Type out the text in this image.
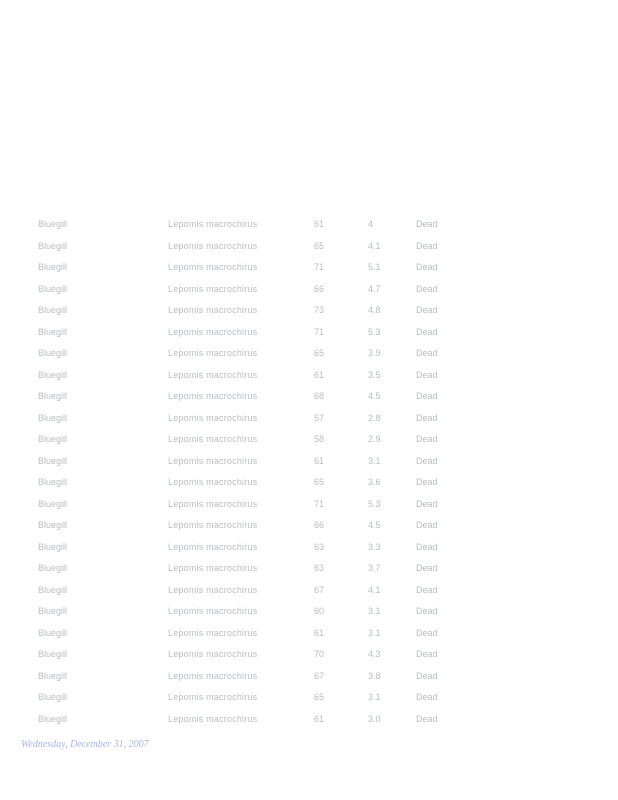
Bluegill	Lepomis macrochirus	61	4	Dead
Bluegill	Lepomis macrochirus	65	4.1	Dead
Bluegill	Lepomis macrochirus	71	5.1	Dead
Bluegill	Lepomis macrochirus	66	4.7	Dead
Bluegill	Lepomis macrochirus	73	4.8	Dead
Bluegill	Lepomis macrochirus	71	5.3	Dead
Bluegill	Lepomis macrochirus	65	3.9	Dead
Bluegill	Lepomis macrochirus	61	3.5	Dead
Bluegill	Lepomis macrochirus	68	4.5	Dead
Bluegill	Lepomis macrochirus	57	2.8	Dead
Bluegill	Lepomis macrochirus	58	2.9	Dead
Bluegill	Lepomis macrochirus	61	3.1	Dead
Bluegill	Lepomis macrochirus	65	3.6	Dead
Bluegill	Lepomis macrochirus	71	5.3	Dead
Bluegill	Lepomis macrochirus	66	4.5	Dead
Bluegill	Lepomis macrochirus	63	3.3	Dead
Bluegill	Lepomis macrochirus	63	3.7	Dead
Bluegill	Lepomis macrochirus	67	4.1	Dead
Bluegill	Lepomis macrochirus	60	3.1	Dead
Bluegill	Lepomis macrochirus	61	3.1	Dead
Bluegill	Lepomis macrochirus	70	4.3	Dead
Bluegill	Lepomis macrochirus	67	3.8	Dead
Bluegill	Lepomis macrochirus	65	3.1	Dead
Bluegill	Lepomis macrochirus	61	3.0	Dead
Wednesday, December 31, 2007
